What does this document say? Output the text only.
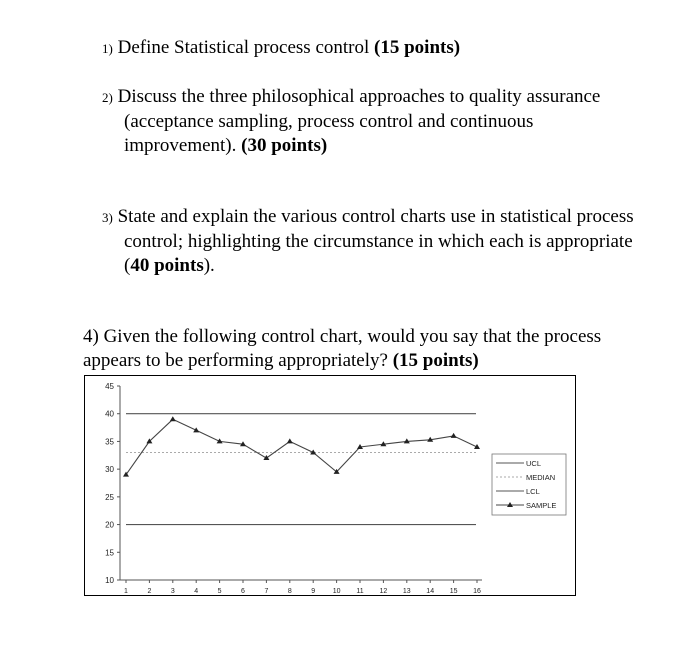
1) Define Statistical process control (15 points)

2) Discuss the three philosophical approaches to quality assurance (acceptance sampling, process control and continuous improvement). (30 points)

3) State and explain the various control charts use in statistical process control; highlighting the circumstance in which each is appropriate (40 points).

4) Given the following control chart, would you say that the process appears to be performing appropriately? (15 points)

10
15
20
25
30
35
40
45
1	2	3	4	5	6	7	8	9	10 11 12 13 14 15 16
UCL
MEDIAN
LCL
SAMPLE
